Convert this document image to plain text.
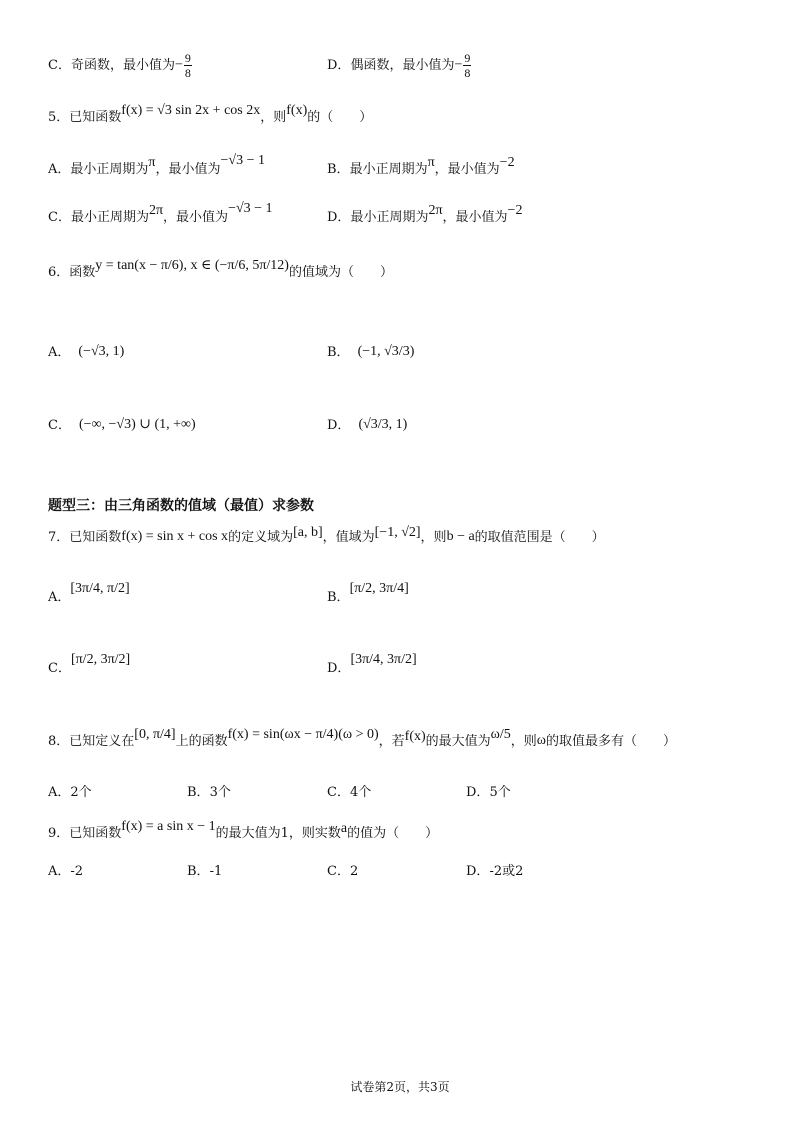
C．奇函数，最小值为− $\frac{9}{8}$	D．偶函数，最小值为− $\frac{9}{8}$
5．已知函数f(x) = √3 sin 2x + cos 2x，则f(x)的（　　）
A．最小正周期为π，最小值为−√3 − 1
B．最小正周期为π，最小值为−2
C．最小正周期为2π，最小值为−√3 − 1
D．最小正周期为2π，最小值为−2
6．函数y = tan(x − π/6), x ∈ (−π/6, 5π/12)的值域为（　　）
A． (−√3, 1)	B． (−1, √3/3)
C． (−∞, −√3) ∪ (1, +∞)	D． (√3/3, 1)
题型三：由三角函数的值域（最值）求参数
7．已知函数f(x) = sin x + cos x的定义域为[a, b]，值域为[−1, √2]，则b − a的取值范围是（　　）
A．[3π/4, π/2]
B．[π/2, 3π/4]
C．[π/2, 3π/2]
D．[3π/4, 3π/2]
8．已知定义在[0, π/4]上的函数f(x) = sin(ωx − π/4)(ω > 0)，若f(x)的最大值为ω/5，则ω的取值最多有（　　）
A．2个	B．3个	C．4个	D．5个
9．已知函数f(x) = a sin x − 1的最大值为1，则实数a的值为（　　）
A．-2	B．-1	C．2	D．-2或2
试卷第2页，共3页
